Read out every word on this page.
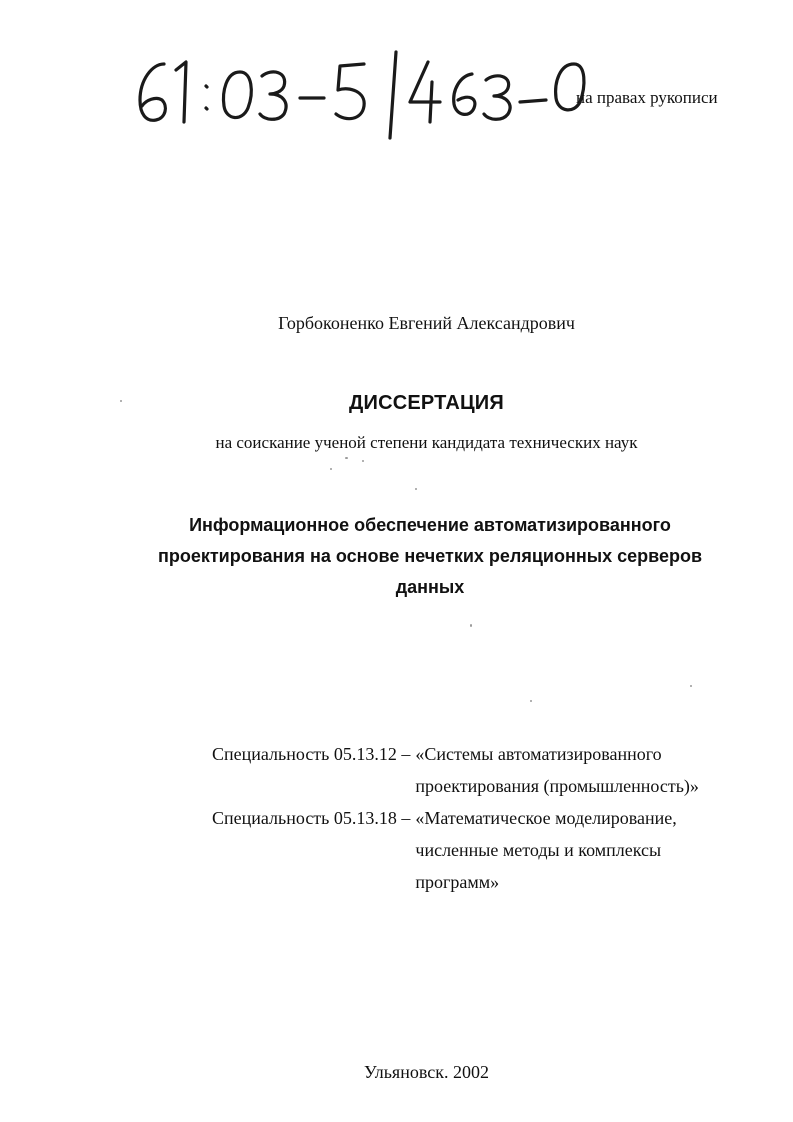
на правах рукописи
Горбоконенко Евгений Александрович
ДИССЕРТАЦИЯ
на соискание ученой степени кандидата технических наук
Информационное обеспечение автоматизированного
проектирования на основе нечетких реляционных серверов
данных
Специальность 05.13.12 – «Системы автоматизированного
проектирования (промышленность)»
Специальность 05.13.18 – «Математическое моделирование,
численные методы и комплексы
программ»
Ульяновск. 2002
